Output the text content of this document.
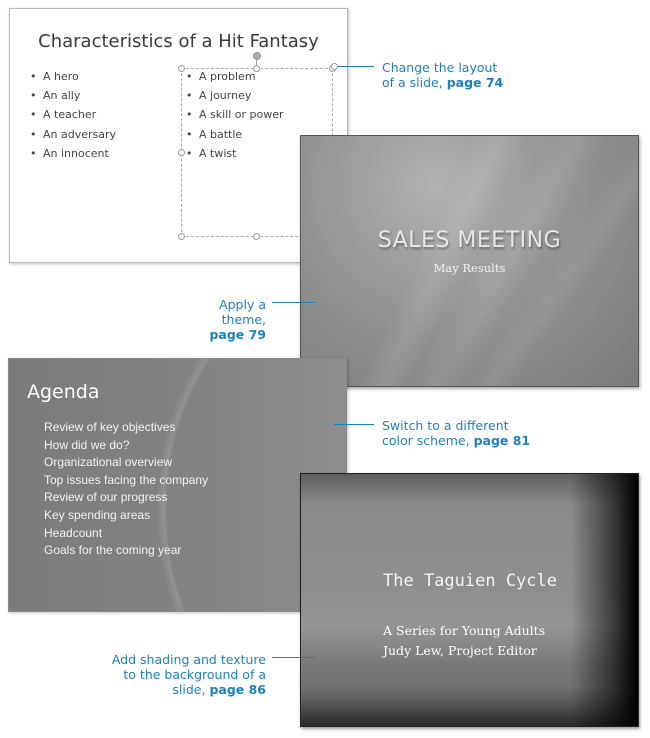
Characteristics of a Hit Fantasy
• A hero
• An ally
• A teacher
• An adversary
• An innocent
• A problem
• A journey
• A skill or power
• A battle
• A twist
Change the layout
of a slide, page 74
SALES MEETING
May Results
Apply a theme,
page 79
Agenda
Review of key objectives
How did we do?
Organizational overview
Top issues facing the company
Review of our progress
Key spending areas
Headcount
Goals for the coming year
Switch to a different
color scheme, page 81
The Taguien Cycle
A Series for Young Adults
Judy Lew, Project Editor
Add shading and texture
to the background of a
slide, page 86
